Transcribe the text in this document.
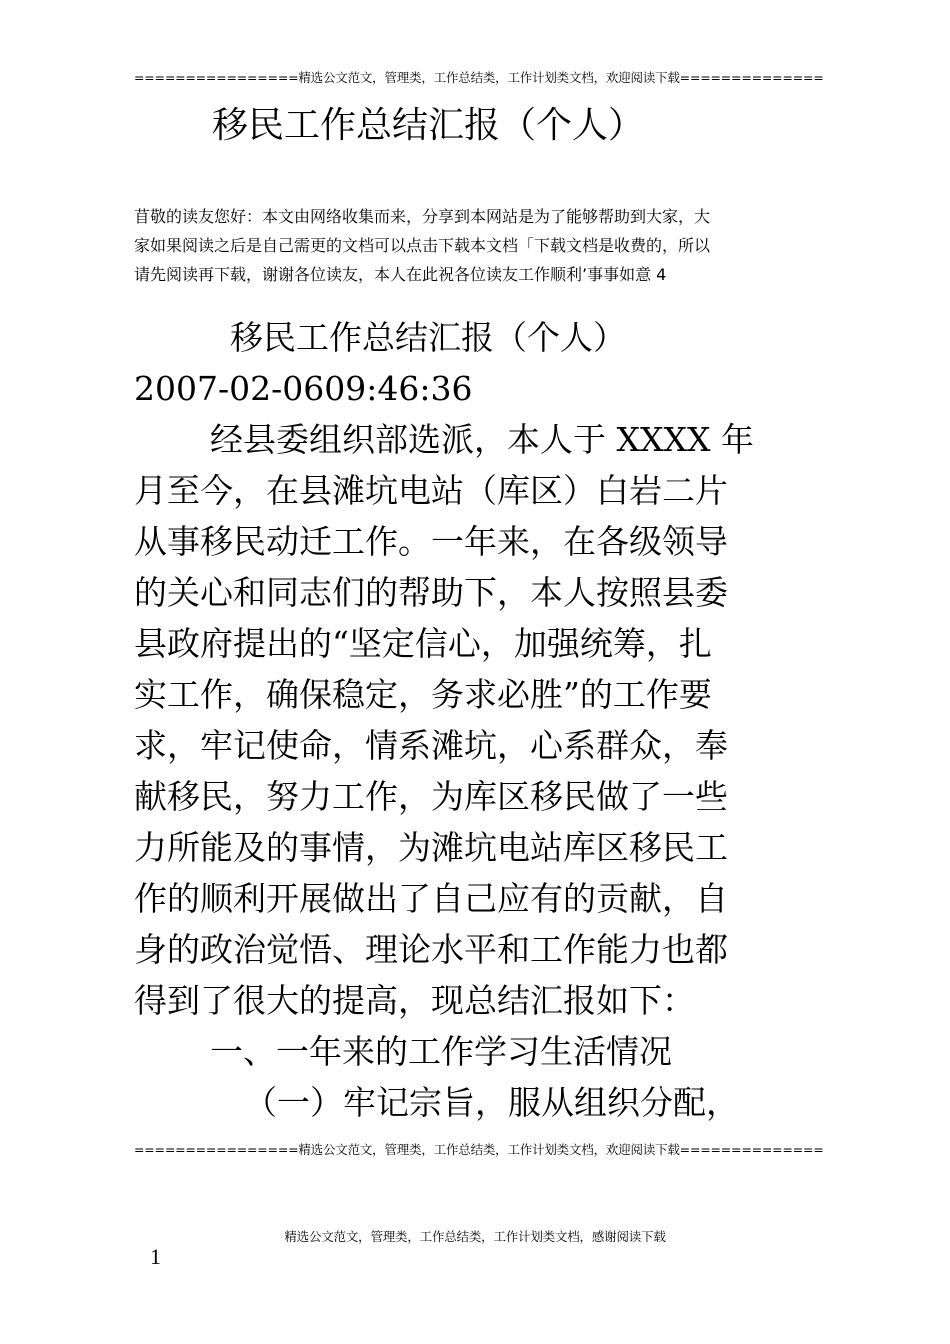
================精选公文范文，管理类，工作总结类，工作计划类文档，欢迎阅读下载==============
移民工作总结汇报（个人）
苜敬的读友您好：本文由网络收集而来，分享到本网站是为了能够帮助到大家，大
家如果阅读之后是自己需更的文档可以点击下载本文档「下载文档是收费的，所以
请先阅读再下载，谢谢各位读友，本人在此祝各位读友工作顺利’事事如意 4
移民工作总结汇报（个人）
2007-02-0609:46:36
经县委组织部选派，本人于 XXXX 年
月至今，在县滩坑电站（库区）白岩二片
从事移民动迁工作。一年来，在各级领导
的关心和同志们的帮助下，本人按照县委
县政府提出的“坚定信心，加强统筹，扎
实工作，确保稳定，务求必胜”的工作要
求，牢记使命，情系滩坑，心系群众，奉
献移民，努力工作，为库区移民做了一些
力所能及的事情，为滩坑电站库区移民工
作的顺利开展做出了自己应有的贡献，自
身的政治觉悟、理论水平和工作能力也都
得到了很大的提高，现总结汇报如下：
一、一年来的工作学习生活情况
（一）牢记宗旨，服从组织分配，
================精选公文范文，管理类，工作总结类，工作计划类文档，欢迎阅读下载==============
精选公文范文，管理类，工作总结类，工作计划类文档，感谢阅读下载
1
